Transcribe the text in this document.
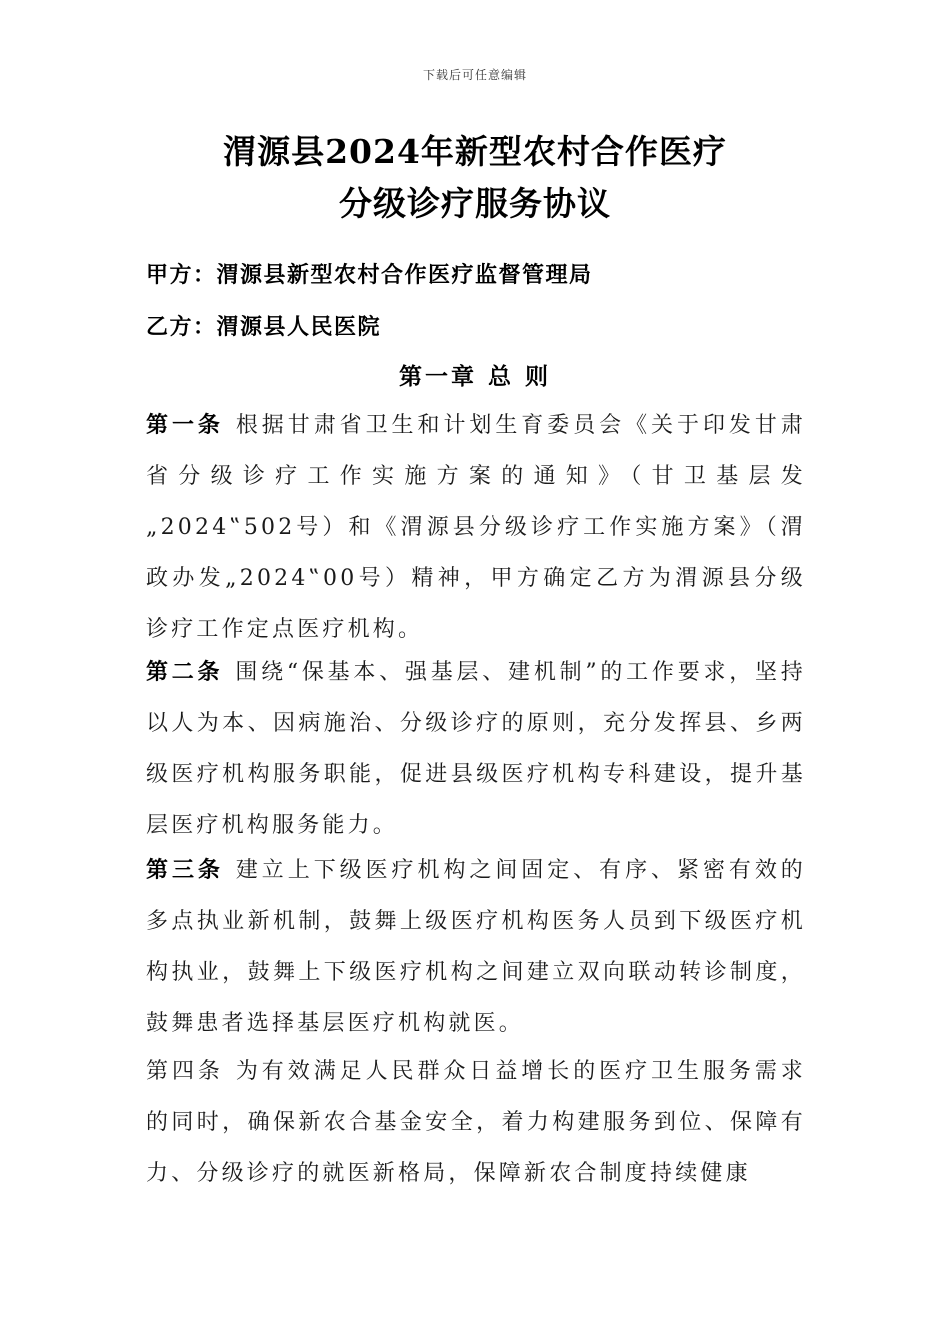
下载后可任意编辑
渭源县2024年新型农村合作医疗
分级诊疗服务协议
甲方：渭源县新型农村合作医疗监督管理局
乙方：渭源县人民医院
第一章 总 则
第一条 根据甘肃省卫生和计划生育委员会《关于印发甘肃省分级诊疗工作实施方案的通知》（甘卫基层发„2024‟502号）和《渭源县分级诊疗工作实施方案》（渭政办发„2024‟00号）精神，甲方确定乙方为渭源县分级诊疗工作定点医疗机构。
第二条 围绕“保基本、强基层、建机制”的工作要求，坚持以人为本、因病施治、分级诊疗的原则，充分发挥县、乡两级医疗机构服务职能，促进县级医疗机构专科建设，提升基层医疗机构服务能力。
第三条 建立上下级医疗机构之间固定、有序、紧密有效的多点执业新机制，鼓舞上级医疗机构医务人员到下级医疗机构执业，鼓舞上下级医疗机构之间建立双向联动转诊制度，鼓舞患者选择基层医疗机构就医。
第四条 为有效满足人民群众日益增长的医疗卫生服务需求的同时，确保新农合基金安全，着力构建服务到位、保障有力、分级诊疗的就医新格局，保障新农合制度持续健康
